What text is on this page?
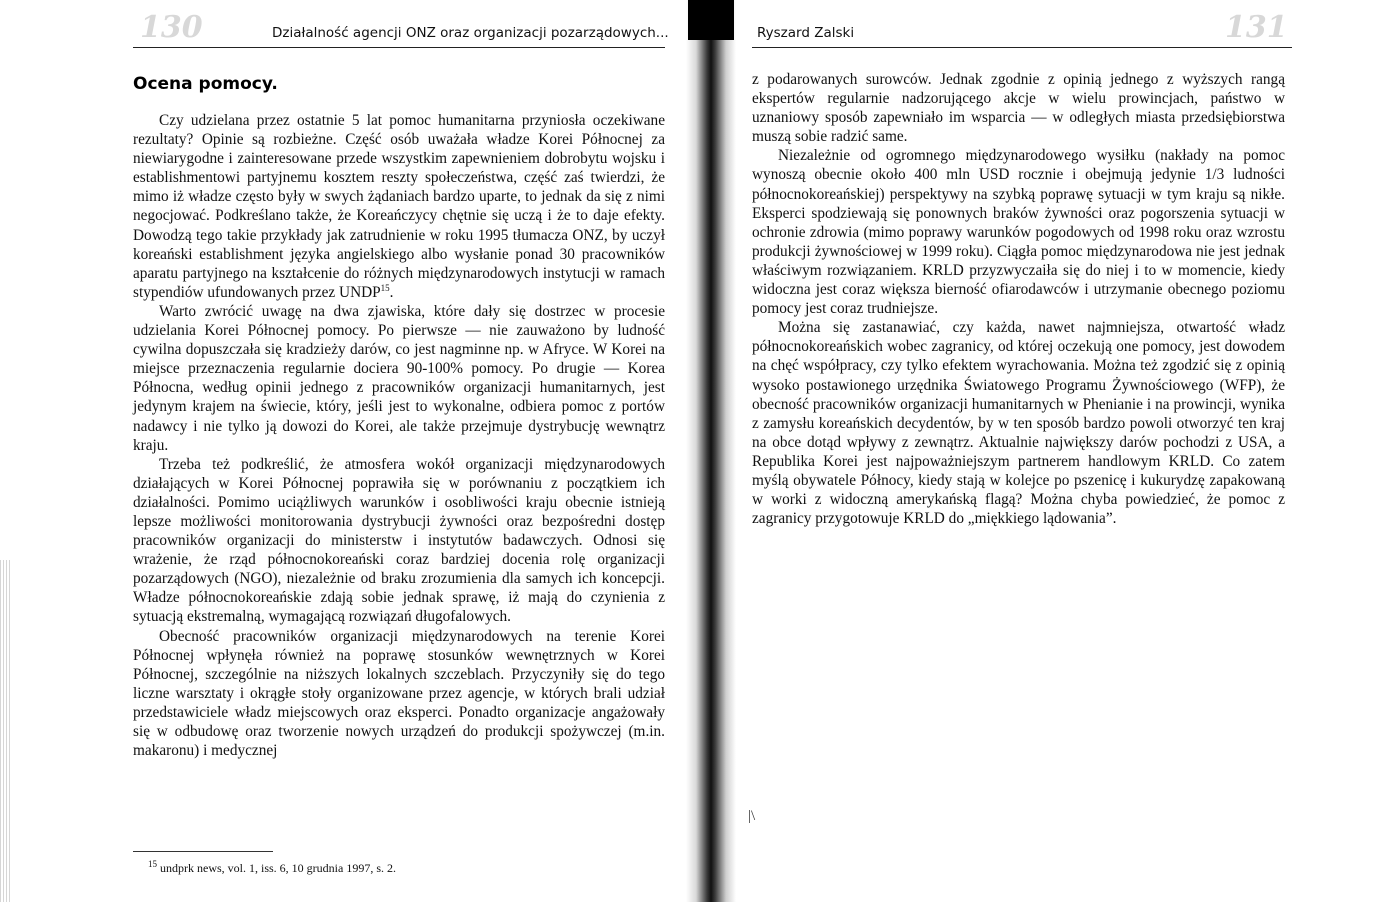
130	Działalność agencji ONZ oraz organizacji pozarządowych...
Ocena pomocy.

Czy udzielana przez ostatnie 5 lat pomoc humanitarna przyniosła oczekiwane rezultaty? Opinie są rozbieżne. Część osób uważała władze Korei Północnej za niewiarygodne i zainteresowane przede wszystkim zapewnieniem dobrobytu wojsku i establishmentowi partyjnemu kosztem reszty społeczeństwa, część zaś twierdzi, że mimo iż władze często były w swych żądaniach bardzo uparte, to jednak da się z nimi negocjować. Podkreślano także, że Koreańczycy chętnie się uczą i że to daje efekty. Dowodzą tego takie przykłady jak zatrudnienie w roku 1995 tłumacza ONZ, by uczył koreański establishment języka angielskiego albo wysłanie ponad 30 pracowników aparatu partyjnego na kształcenie do różnych międzynarodowych instytucji w ramach stypendiów ufundowanych przez UNDP$^{15}$.

Warto zwrócić uwagę na dwa zjawiska, które dały się dostrzec w procesie udzielania Korei Północnej pomocy. Po pierwsze — nie zauważono by ludność cywilna dopuszczała się kradzieży darów, co jest nagminne np. w Afryce. W Korei na miejsce przeznaczenia regularnie dociera 90-100% pomocy. Po drugie — Korea Północna, według opinii jednego z pracowników organizacji humanitarnych, jest jedynym krajem na świecie, który, jeśli jest to wykonalne, odbiera pomoc z portów nadawcy i nie tylko ją dowozi do Korei, ale także przejmuje dystrybucję wewnątrz kraju.

Trzeba też podkreślić, że atmosfera wokół organizacji międzynarodowych działających w Korei Północnej poprawiła się w porównaniu z początkiem ich działalności. Pomimo uciążliwych warunków i osobliwości kraju obecnie istnieją lepsze możliwości monitorowania dystrybucji żywności oraz bezpośredni dostęp pracowników organizacji do ministerstw i instytutów badawczych. Odnosi się wrażenie, że rząd północnokoreański coraz bardziej docenia rolę organizacji pozarządowych (NGO), niezależnie od braku zrozumienia dla samych ich koncepcji. Władze północnokoreańskie zdają sobie jednak sprawę, iż mają do czynienia z sytuacją ekstremalną, wymagającą rozwiązań długofalowych.

Obecność pracowników organizacji międzynarodowych na terenie Korei Północnej wpłynęła również na poprawę stosunków wewnętrznych w Korei Północnej, szczególnie na niższych lokalnych szczeblach. Przyczyniły się do tego liczne warsztaty i okrągłe stoły organizowane przez agencje, w których brali udział przedstawiciele władz miejscowych oraz eksperci. Ponadto organizacje angażowały się w odbudowę oraz tworzenie nowych urządzeń do produkcji spożywczej (m.in. makaronu) i medycznej

$^{15}$ undprk news, vol. 1, iss. 6, 10 grudnia 1997, s. 2.

Ryszard Zalski	131

z podarowanych surowców. Jednak zgodnie z opinią jednego z wyższych rangą ekspertów regularnie nadzorującego akcje w wielu prowincjach, państwo w uznaniowy sposób zapewniało im wsparcia — w odległych miasta przedsiębiorstwa muszą sobie radzić same.

Niezależnie od ogromnego międzynarodowego wysiłku (nakłady na pomoc wynoszą obecnie około 400 mln USD rocznie i obejmują jedynie 1/3 ludności północnokoreańskiej) perspektywy na szybką poprawę sytuacji w tym kraju są nikłe. Eksperci spodziewają się ponownych braków żywności oraz pogorszenia sytuacji w ochronie zdrowia (mimo poprawy warunków pogodowych od 1998 roku oraz wzrostu produkcji żywnościowej w 1999 roku). Ciągła pomoc międzynarodowa nie jest jednak właściwym rozwiązaniem. KRLD przyzwyczaiła się do niej i to w momencie, kiedy widoczna jest coraz większa bierność ofiarodawców i utrzymanie obecnego poziomu pomocy jest coraz trudniejsze.

Można się zastanawiać, czy każda, nawet najmniejsza, otwartość władz północnokoreańskich wobec zagranicy, od której oczekują one pomocy, jest dowodem na chęć współpracy, czy tylko efektem wyrachowania. Można też zgodzić się z opinią wysoko postawionego urzędnika Światowego Programu Żywnościowego (WFP), że obecność pracowników organizacji humanitarnych w Phenianie i na prowincji, wynika z zamysłu koreańskich decydentów, by w ten sposób bardzo powoli otworzyć ten kraj na obce dotąd wpływy z zewnątrz. Aktualnie największy darów pochodzi z USA, a Republika Korei jest najpoważniejszym partnerem handlowym KRLD. Co zatem myślą obywatele Północy, kiedy stają w kolejce po pszenicę i kukurydzę zapakowaną w worki z widoczną amerykańską flagą? Można chyba powiedzieć, że pomoc z zagranicy przygotowuje KRLD do „miękkiego lądowania”.

|\
